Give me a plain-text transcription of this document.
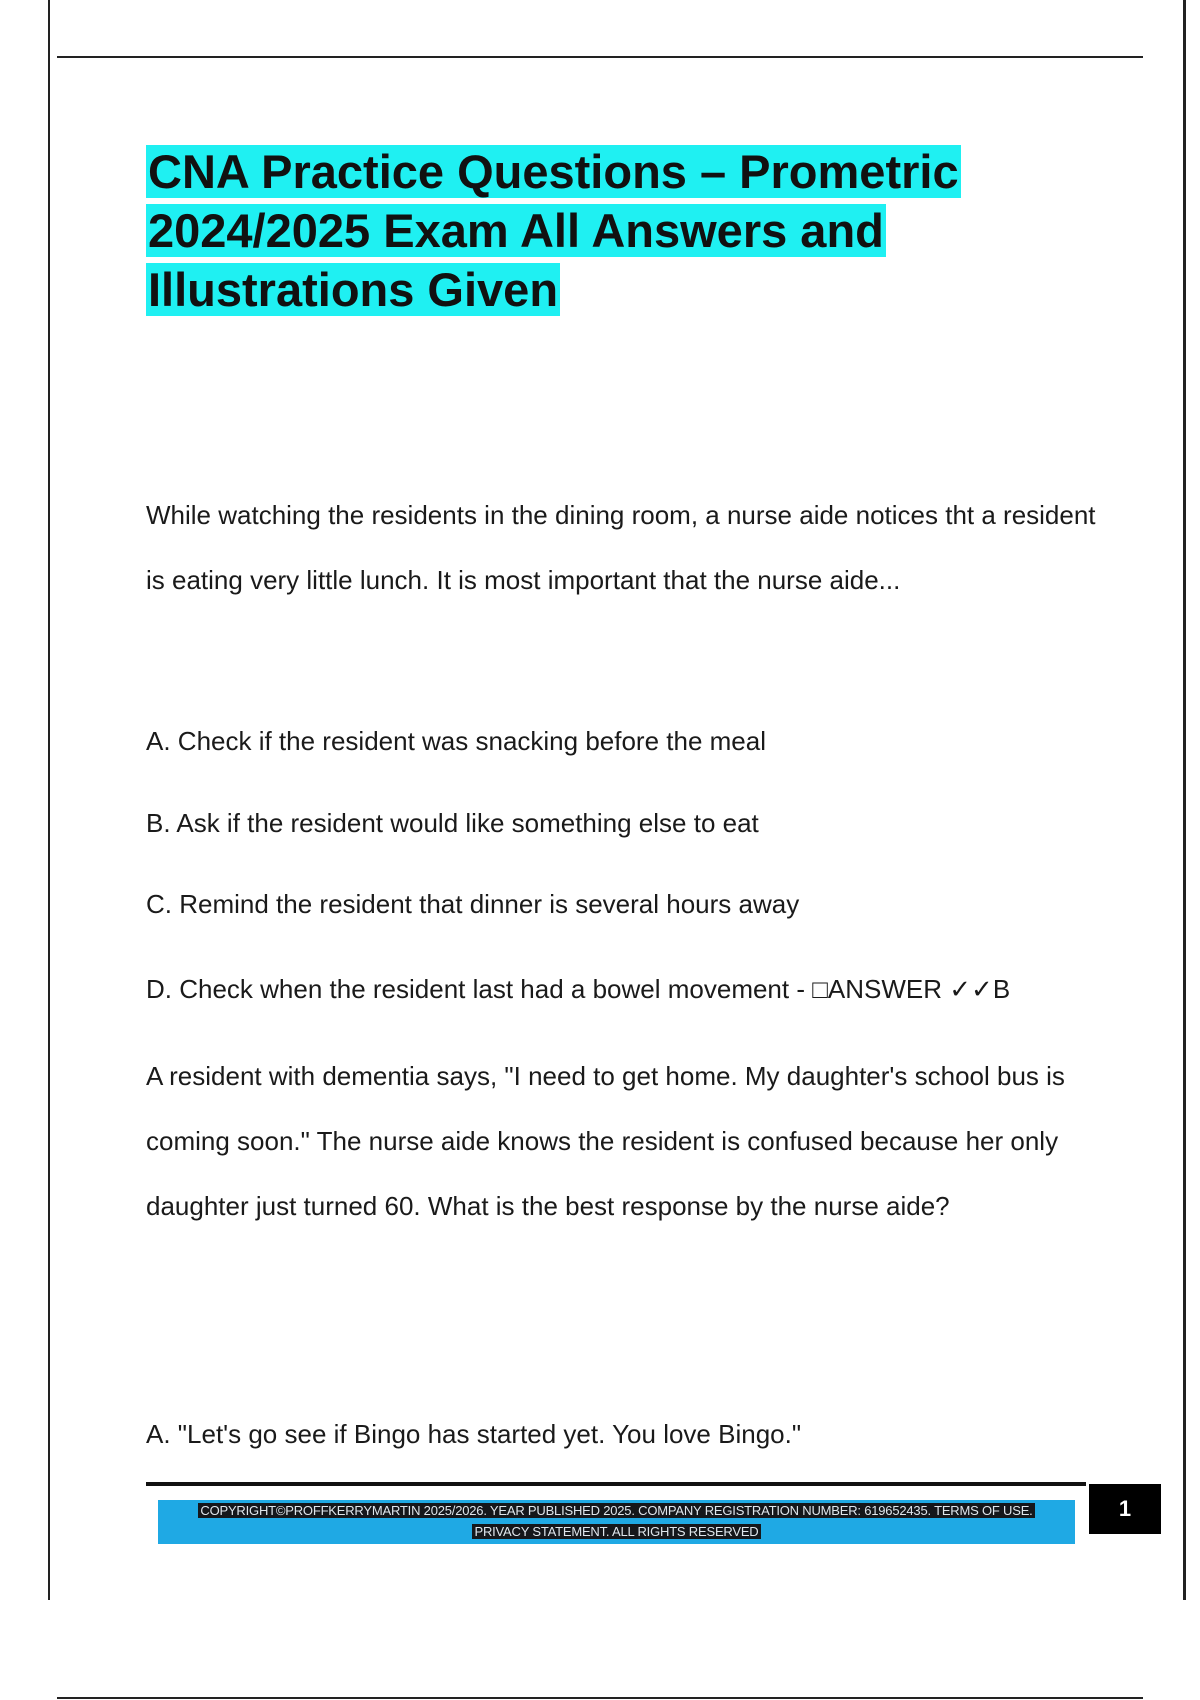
CNA Practice Questions – Prometric 2024/2025 Exam All Answers and Illustrations Given

While watching the residents in the dining room, a nurse aide notices tht a resident is eating very little lunch. It is most important that the nurse aide...

A. Check if the resident was snacking before the meal

B. Ask if the resident would like something else to eat

C. Remind the resident that dinner is several hours away

D. Check when the resident last had a bowel movement - □ANSWER ✓✓B

A resident with dementia says, "I need to get home. My daughter's school bus is coming soon." The nurse aide knows the resident is confused because her only daughter just turned 60. What is the best response by the nurse aide?

A. "Let's go see if Bingo has started yet. You love Bingo."

COPYRIGHT©PROFFKERRYMARTIN 2025/2026. YEAR PUBLISHED 2025. COMPANY REGISTRATION NUMBER: 619652435. TERMS OF USE.
PRIVACY STATEMENT. ALL RIGHTS RESERVED
1
